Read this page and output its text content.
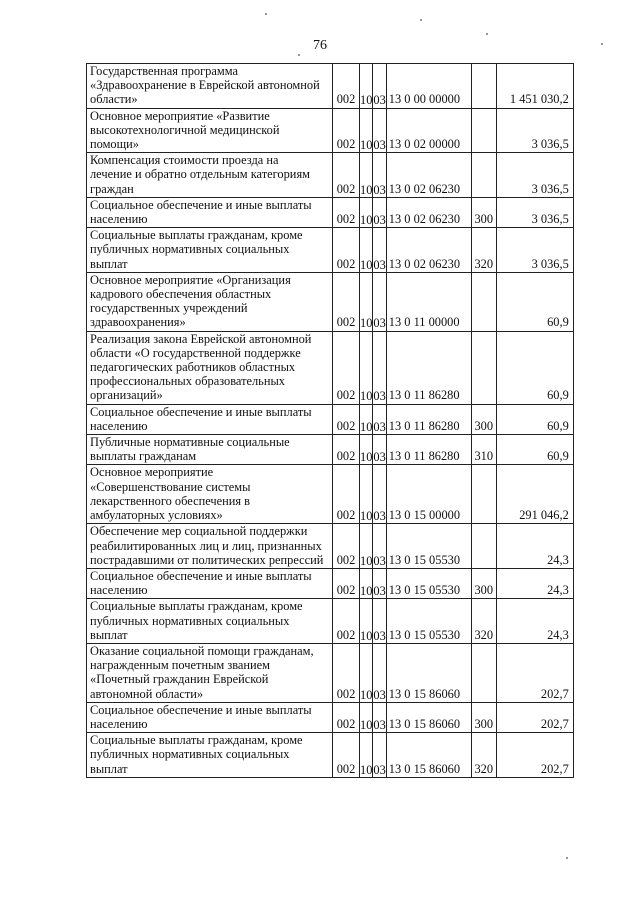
76
Государственная программа
«Здравоохранение в Еврейской автономной
области»	002	10	03	13 0 00 00000		1 451 030,2

Основное мероприятие «Развитие
высокотехнологичной медицинской
помощи»	002	10	03	13 0 02 00000		3 036,5

Компенсация стоимости проезда на
лечение и обратно отдельным категориям
граждан	002	10	03	13 0 02 06230		3 036,5

Социальное обеспечение и иные выплаты
населению	002	10	03	13 0 02 06230	300	3 036,5

Социальные выплаты гражданам, кроме
публичных нормативных социальных
выплат	002	10	03	13 0 02 06230	320	3 036,5

Основное мероприятие «Организация
кадрового обеспечения областных
государственных учреждений
здравоохранения»	002	10	03	13 0 11 00000		60,9

Реализация закона Еврейской автономной
области «О государственной поддержке
педагогических работников областных
профессиональных образовательных
организаций»	002	10	03	13 0 11 86280		60,9

Социальное обеспечение и иные выплаты
населению	002	10	03	13 0 11 86280	300	60,9

Публичные нормативные социальные
выплаты гражданам	002	10	03	13 0 11 86280	310	60,9

Основное мероприятие
«Совершенствование системы
лекарственного обеспечения в
амбулаторных условиях»	002	10	03	13 0 15 00000		291 046,2

Обеспечение мер социальной поддержки
реабилитированных лиц и лиц, признанных
пострадавшими от политических репрессий	002	10	03	13 0 15 05530		24,3

Социальное обеспечение и иные выплаты
населению	002	10	03	13 0 15 05530	300	24,3

Социальные выплаты гражданам, кроме
публичных нормативных социальных
выплат	002	10	03	13 0 15 05530	320	24,3

Оказание социальной помощи гражданам,
награжденным почетным званием
«Почетный гражданин Еврейской
автономной области»	002	10	03	13 0 15 86060		202,7

Социальное обеспечение и иные выплаты
населению	002	10	03	13 0 15 86060	300	202,7

Социальные выплаты гражданам, кроме
публичных нормативных социальных
выплат	002	10	03	13 0 15 86060	320	202,7
